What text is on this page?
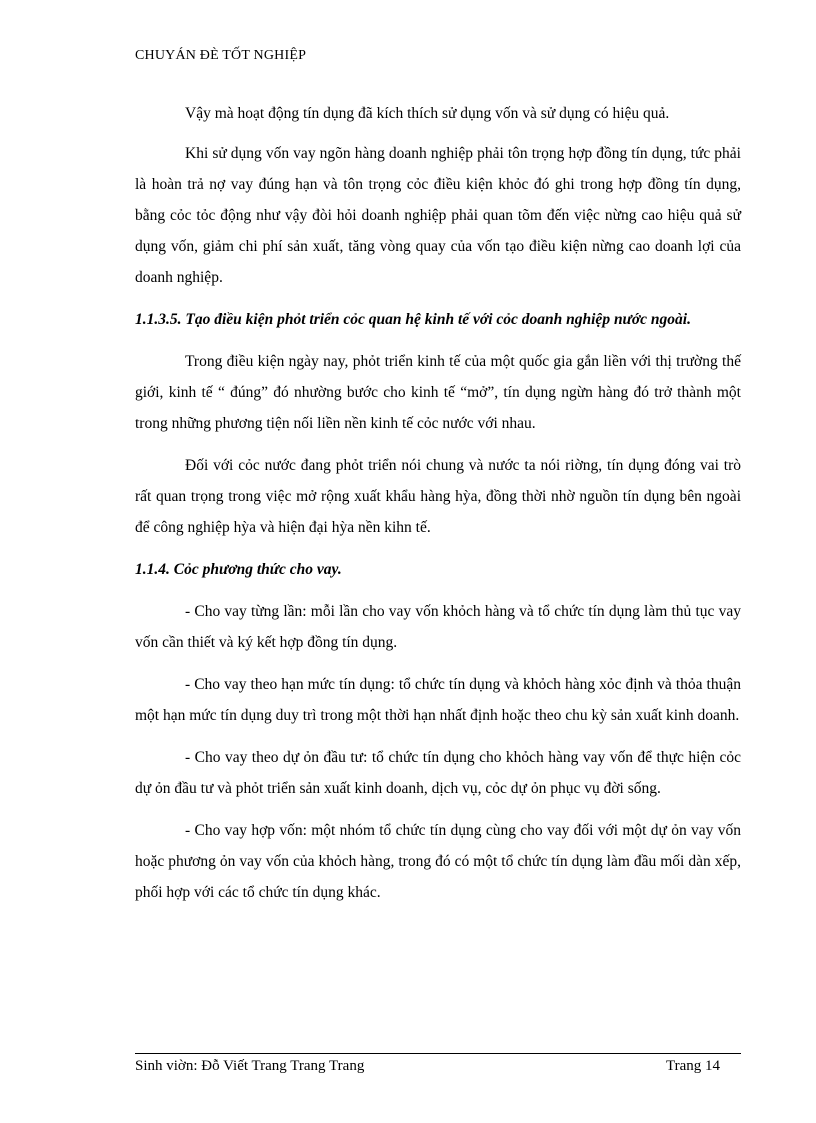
CHUYÁN ĐÈ TỐT NGHIỆP

Vậy mà hoạt động tín dụng đã kích thích sử dụng vốn và sử dụng có hiệu quả.

Khi sử dụng vốn vay ngõn hàng doanh nghiệp phải tôn trọng hợp đồng tín dụng, tức phải là hoàn trả nợ vay đúng hạn và tôn trọng cỏc điều kiện khỏc đó ghi trong hợp đồng tín dụng, bằng cỏc tỏc động như vậy đòi hỏi doanh nghiệp phải quan tõm đến việc nừng cao hiệu quả sử dụng vốn, giảm chi phí sản xuất, tăng vòng quay của vốn tạo điều kiện nừng cao doanh lợi của doanh nghiệp.

1.1.3.5. Tạo điều kiện phỏt triển cỏc quan hệ kinh tế với cỏc doanh nghiệp nước ngoài.

Trong điều kiện ngày nay, phỏt triển kinh tế của một quốc gia gắn liền với thị trường thế giới, kinh tế “ đúng” đó nhường bước cho kinh tế “mở”, tín dụng ngừn hàng đó trở thành một trong những phương tiện nối liền nền kinh tế cỏc nước với nhau.

Đối với cỏc nước đang phỏt triển nói chung và nước ta nói riờng, tín dụng đóng vai trò rất quan trọng trong việc mở rộng xuất khẩu hàng hỳa, đồng thời nhờ nguồn tín dụng bên ngoài để công nghiệp hỳa và hiện đại hỳa nền kihn tế.

1.1.4. Cỏc phương thức cho vay.

- Cho vay từng lần: mỗi lần cho vay vốn khỏch hàng và tổ chức tín dụng làm thủ tục vay vốn cần thiết và ký kết hợp đồng tín dụng.

- Cho vay theo hạn mức tín dụng: tổ chức tín dụng và khỏch hàng xỏc định và thỏa thuận một hạn mức tín dụng duy trì trong một thời hạn nhất định hoặc theo chu kỳ sản xuất kinh doanh.

- Cho vay theo dự ỏn đầu tư: tổ chức tín dụng cho khỏch hàng vay vốn để thực hiện cỏc dự ỏn đầu tư và phỏt triển sản xuất kinh doanh, dịch vụ, cỏc dự ỏn phục vụ đời sống.

- Cho vay hợp vốn: một nhóm tổ chức tín dụng cùng cho vay đối với một dự ỏn vay vốn hoặc phương ỏn vay vốn của khỏch hàng, trong đó có một tổ chức tín dụng làm đầu mối dàn xếp, phối hợp với các tổ chức tín dụng khác.

Sinh viờn: Đỗ Viết Trang Trang Trang	Trang 14
